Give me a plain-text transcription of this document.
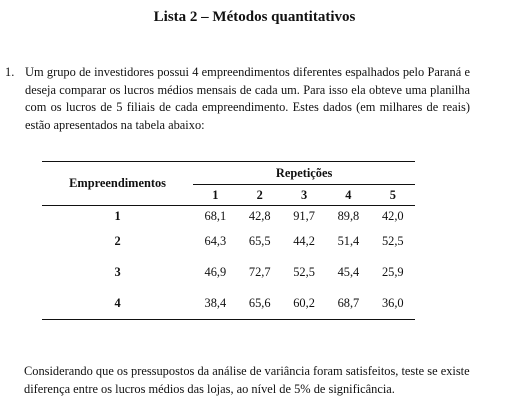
Lista 2 – Métodos quantitativos
1. Um grupo de investidores possui 4 empreendimentos diferentes espalhados pelo Paraná e deseja comparar os lucros médios mensais de cada um. Para isso ela obteve uma planilha com os lucros de 5 filiais de cada empreendimento. Estes dados (em milhares de reais) estão apresentados na tabela abaixo:
Empreendimentos	Repetições				
	1	2	3	4	5
1	68,1	42,8	91,7	89,8	42,0
2	64,3	65,5	44,2	51,4	52,5
3	46,9	72,7	52,5	45,4	25,9
4	38,4	65,6	60,2	68,7	36,0
Considerando que os pressupostos da análise de variância foram satisfeitos, teste se existe diferença entre os lucros médios das lojas, ao nível de 5% de significância.
